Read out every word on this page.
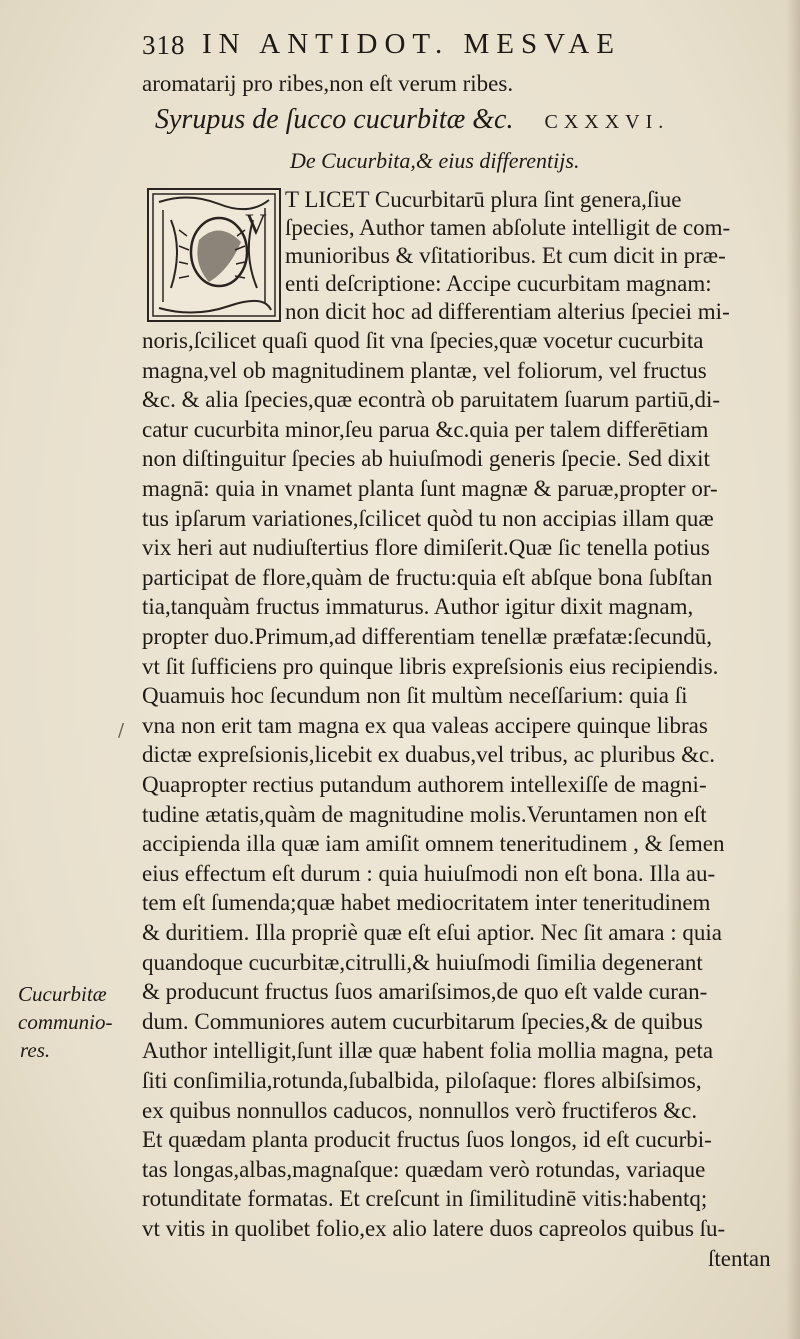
318 IN ANTIDOT. MESVAE
aromatarij pro ribes,non eſt verum ribes.
Syrupus de ſucco cucurbitæ &c. CXXXVI.
De Cucurbita,& eius differentijs.
V
T LICET Cucurbitarū plura ſint genera,ſiue
ſpecies, Author tamen abſolute intelligit de com-
munioribus & vſitatioribus. Et cum dicit in præ-
enti deſcriptione: Accipe cucurbitam magnam:
non dicit hoc ad differentiam alterius ſpeciei mi-
noris,ſcilicet quaſi quod ſit vna ſpecies,quæ vocetur cucurbita
magna,vel ob magnitudinem plantæ, vel foliorum, vel fructus
&c. & alia ſpecies,quæ econtrà ob paruitatem ſuarum partiū,di-
catur cucurbita minor,ſeu parua &c.quia per talem differētiam
non diſtinguitur ſpecies ab huiuſmodi generis ſpecie. Sed dixit
magnā: quia in vnamet planta ſunt magnæ & paruæ,propter or-
tus ipſarum variationes,ſcilicet quòd tu non accipias illam quæ
vix heri aut nudiuſtertius flore dimiſerit.Quæ ſic tenella potius
participat de flore,quàm de fructu:quia eſt abſque bona ſubſtan
tia,tanquàm fructus immaturus. Author igitur dixit magnam,
propter duo.Primum,ad differentiam tenellæ præfatæ:ſecundū,
vt ſit ſufficiens pro quinque libris expreſsionis eius recipiendis.
Quamuis hoc ſecundum non ſit multùm neceſſarium: quia ſi
vna non erit tam magna ex qua valeas accipere quinque libras
dictæ expreſsionis,licebit ex duabus,vel tribus, ac pluribus &c.
Quapropter rectius putandum authorem intellexiſſe de magni-
tudine ætatis,quàm de magnitudine molis.Veruntamen non eſt
accipienda illa quæ iam amiſit omnem teneritudinem , & ſemen
eius effectum eſt durum : quia huiuſmodi non eſt bona. Illa au-
tem eſt ſumenda;quæ habet mediocritatem inter teneritudinem
& duritiem. Illa propriè quæ eſt eſui aptior. Nec ſit amara : quia
quandoque cucurbitæ,citrulli,& huiuſmodi ſimilia degenerant
& producunt fructus ſuos amariſsimos,de quo eſt valde curan-
dum. Communiores autem cucurbitarum ſpecies,& de quibus
Author intelligit,ſunt illæ quæ habent folia mollia magna, peta
ſiti conſimilia,rotunda,ſubalbida, piloſaque: flores albiſsimos,
ex quibus nonnullos caducos, nonnullos verò fructiferos &c.
Et quædam planta producit fructus ſuos longos, id eſt cucurbi-
tas longas,albas,magnaſque: quædam verò rotundas, variaque
rotunditate formatas. Et creſcunt in ſimilitudinē vitis:habentq;
vt vitis in quolibet folio,ex alio latere duos capreolos quibus ſu-
ſtentan
/
Cucurbitæ
communio-
res.
